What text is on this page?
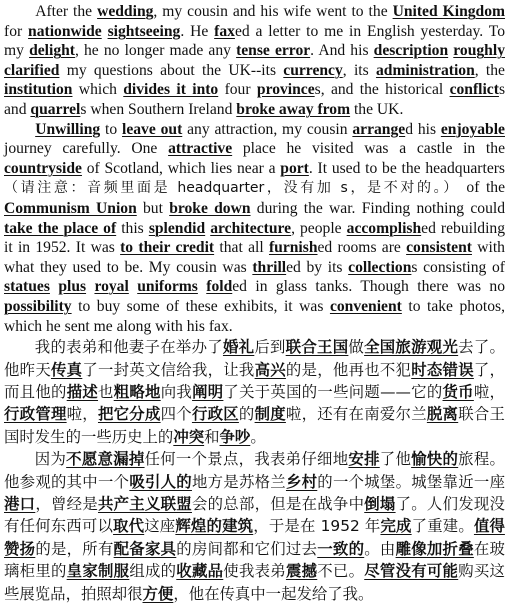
After the wedding, my cousin and his wife went to the United Kingdom for nationwide sightseeing. He faxed a letter to me in English yesterday. To my delight, he no longer made any tense error. And his description roughly clarified my questions about the UK--its currency, its administration, the institution which divides it into four provinces, and the historical conflicts and quarrels when Southern Ireland broke away from the UK.

Unwilling to leave out any attraction, my cousin arranged his enjoyable journey carefully. One attractive place he visited was a castle in the countryside of Scotland, which lies near a port. It used to be the headquarters （请注意：音频里面是 headquarter，没有加 s，是不对的。） of the Communism Union but broke down during the war. Finding nothing could take the place of this splendid architecture, people accomplished rebuilding it in 1952. It was to their credit that all furnished rooms are consistent with what they used to be. My cousin was thrilled by its collections consisting of statues plus royal uniforms folded in glass tanks. Though there was no possibility to buy some of these exhibits, it was convenient to take photos, which he sent me along with his fax.

我的表弟和他妻子在举办了婚礼后到联合王国做全国旅游观光去了。他昨天传真了一封英文信给我，让我高兴的是，他再也不犯时态错误了，而且他的描述也粗略地向我阐明了关于英国的一些问题——它的货币啦，行政管理啦，把它分成四个行政区的制度啦，还有在南爱尔兰脱离联合王国时发生的一些历史上的冲突和争吵。

因为不愿意漏掉任何一个景点，我表弟仔细地安排了他愉快的旅程。他参观的其中一个吸引人的地方是苏格兰乡村的一个城堡。城堡靠近一座港口，曾经是共产主义联盟会的总部，但是在战争中倒塌了。人们发现没有任何东西可以取代这座辉煌的建筑，于是在 1952 年完成了重建。值得赞扬的是，所有配备家具的房间都和它们过去一致的。由雕像加折叠在玻璃柜里的皇家制服组成的收藏品使我表弟震撼不已。尽管没有可能购买这些展览品，拍照却很方便，他在传真中一起发给了我。
